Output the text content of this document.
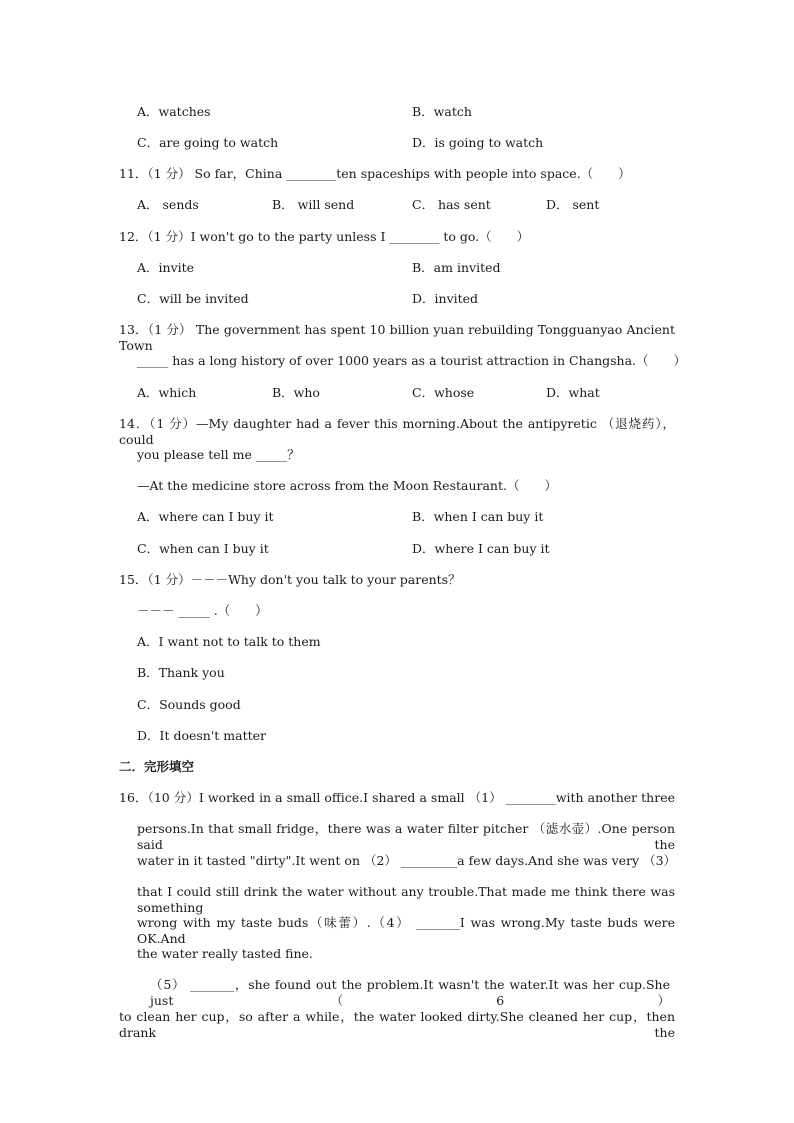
A．watches	B．watch
C．are going to watch	D．is going to watch
11．（1 分） So far，China ________ten spaceships with people into space.（　　）
A． sends	B． will send	C． has sent	D． sent
12．（1 分）I won't go to the party unless I ________ to go.（　　）
A．invite	B．am invited
C．will be invited	D．invited
13．（1 分） The government has spent 10 billion yuan rebuilding Tongguanyao Ancient Town
_____ has a long history of over 1000 years as a tourist attraction in Changsha.（　　）
A．which	B．who	C．whose	D．what
14．（1 分）—My daughter had a fever this morning.About the antipyretic （退烧药），could
you please tell me _____？
—At the medicine store across from the Moon Restaurant.（　　）
A．where can I buy it	B．when I can buy it
C．when can I buy it	D．where I can buy it
15．（1 分）－－－Why don't you talk to your parents？
－－－ _____ .（　　）
A．I want not to talk to them
B．Thank you
C．Sounds good
D．It doesn't matter
二．完形填空
16．（10 分）I worked in a small office.I shared a small （1） ________with another three
persons.In that small fridge，there was a water filter pitcher （滤水壶）.One person said the
water in it tasted "dirty".It went on （2） _________a few days.And she was very （3）
that I could still drink the water without any trouble.That made me think there was something
wrong with my taste buds（味蕾）.（4） _______I was wrong.My taste buds were OK.And
the water really tasted fine.
（5） _______，she found out the problem.It wasn't the water.It was her cup.She just （6）
to clean her cup，so after a while，the water looked dirty.She cleaned her cup，then drank the
